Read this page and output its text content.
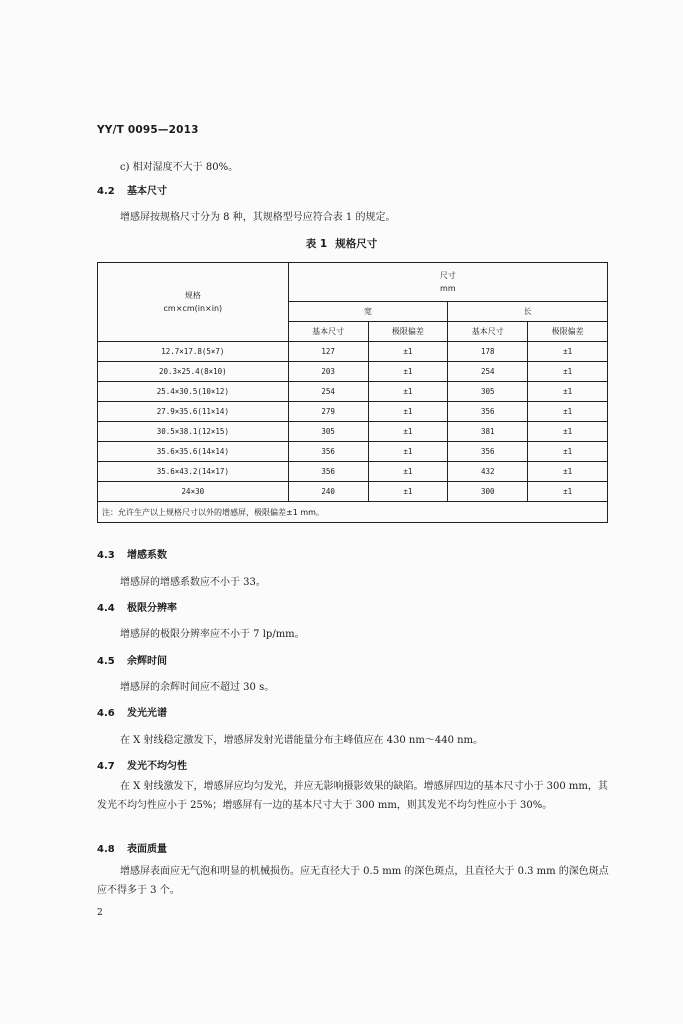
YY/T 0095—2013
c) 相对湿度不大于 80%。
4.2 基本尺寸
增感屏按规格尺寸分为 8 种，其规格型号应符合表 1 的规定。
表 1 规格尺寸
规格
cm×cm(in×in)	尺寸
mm			

	宽		长	
	基本尺寸	极限偏差	基本尺寸	极限偏差
12.7×17.8(5×7)	127	±1	178	±1
20.3×25.4(8×10)	203	±1	254	±1
25.4×30.5(10×12)	254	±1	305	±1
27.9×35.6(11×14)	279	±1	356	±1
30.5×38.1(12×15)	305	±1	381	±1
35.6×35.6(14×14)	356	±1	356	±1
35.6×43.2(14×17)	356	±1	432	±1
24×30	240	±1	300	±1
注：允许生产以上规格尺寸以外的增感屏，极限偏差±1 mm。				
4.3 增感系数
增感屏的增感系数应不小于 33。
4.4 极限分辨率
增感屏的极限分辨率应不小于 7 lp/mm。
4.5 余辉时间
增感屏的余辉时间应不超过 30 s。
4.6 发光光谱
在 X 射线稳定激发下，增感屏发射光谱能量分布主峰值应在 430 nm～440 nm。
4.7 发光不均匀性
在 X 射线激发下，增感屏应均匀发光，并应无影响摄影效果的缺陷。增感屏四边的基本尺寸小于 300 mm，其发光不均匀性应小于 25%；增感屏有一边的基本尺寸大于 300 mm，则其发光不均匀性应小于 30%。
4.8 表面质量
增感屏表面应无气泡和明显的机械损伤。应无直径大于 0.5 mm 的深色斑点，且直径大于 0.3 mm 的深色斑点应不得多于 3 个。
2
